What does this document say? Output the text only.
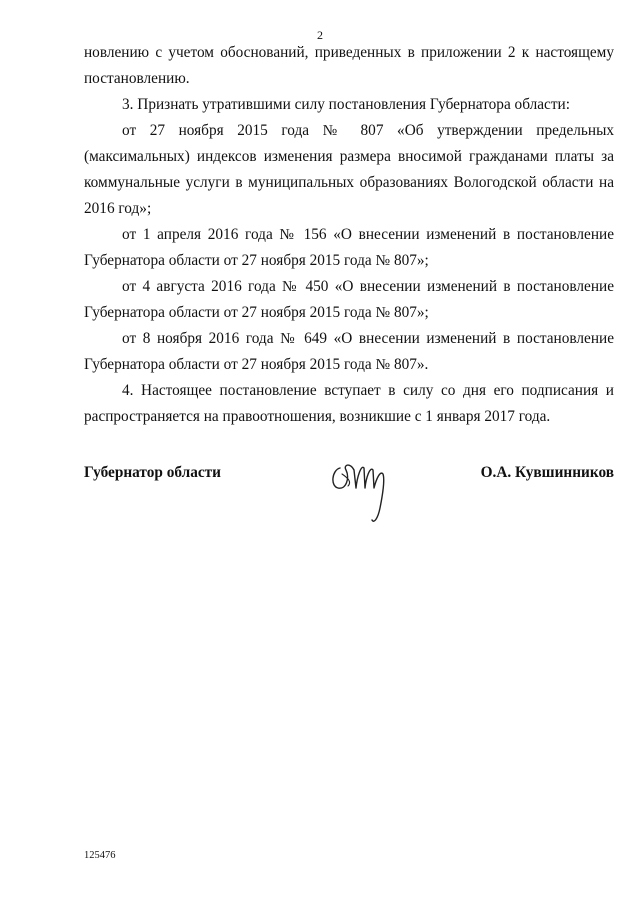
2

новлению с учетом обоснований, приведенных в приложении 2 к настоящему постановлению.

3. Признать утратившими силу постановления Губернатора области:

от 27 ноября 2015 года № 807 «Об утверждении предельных (максимальных) индексов изменения размера вносимой гражданами платы за коммунальные услуги в муниципальных образованиях Вологодской области на 2016 год»;

от 1 апреля 2016 года № 156 «О внесении изменений в постановление Губернатора области от 27 ноября 2015 года № 807»;

от 4 августа 2016 года № 450 «О внесении изменений в постановление Губернатора области от 27 ноября 2015 года № 807»;

от 8 ноября 2016 года № 649 «О внесении изменений в постановление Губернатора области от 27 ноября 2015 года № 807».

4. Настоящее постановление вступает в силу со дня его подписания и распространяется на правоотношения, возникшие с 1 января 2017 года.

Губернатор области	О.А. Кувшинников
125476
